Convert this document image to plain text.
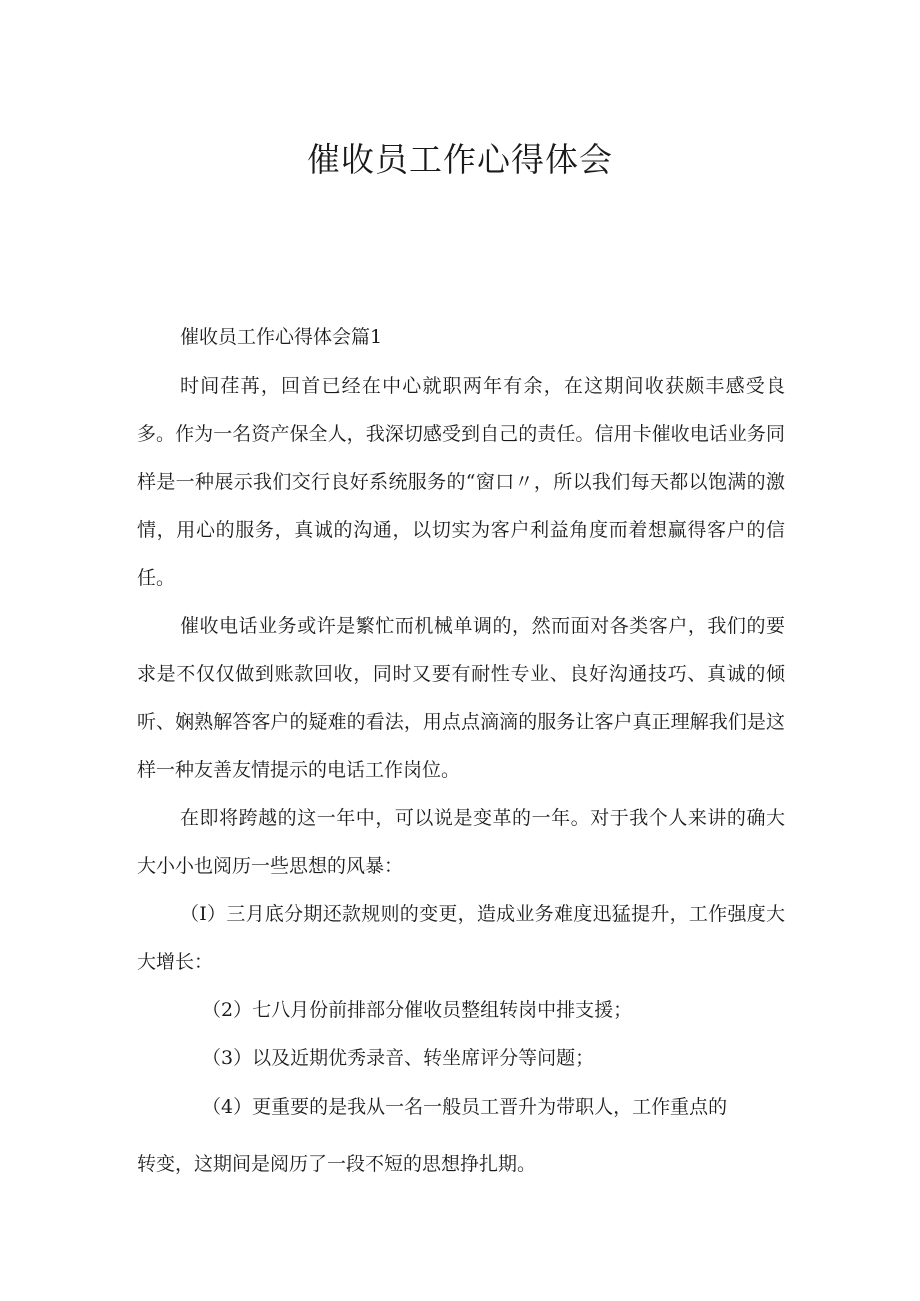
催收员工作心得体会

催收员工作心得体会篇1

时间荏苒，回首已经在中心就职两年有余，在这期间收获颇丰感受良多。作为一名资产保全人，我深切感受到自己的责任。信用卡催收电话业务同样是一种展示我们交行良好系统服务的“窗口〃，所以我们每天都以饱满的激情，用心的服务，真诚的沟通，以切实为客户利益角度而着想赢得客户的信任。

催收电话业务或许是繁忙而机械单调的，然而面对各类客户，我们的要求是不仅仅做到账款回收，同时又要有耐性专业、良好沟通技巧、真诚的倾听、娴熟解答客户的疑难的看法，用点点滴滴的服务让客户真正理解我们是这样一种友善友情提示的电话工作岗位。

在即将跨越的这一年中，可以说是变革的一年。对于我个人来讲的确大大小小也阅历一些思想的风暴：

（I）三月底分期还款规则的变更，造成业务难度迅猛提升，工作强度大大增长：

（2）七八月份前排部分催收员整组转岗中排支援；

（3）以及近期优秀录音、转坐席评分等问题；

（4）更重要的是我从一名一般员工晋升为带职人，工作重点的

转变，这期间是阅历了一段不短的思想挣扎期。
